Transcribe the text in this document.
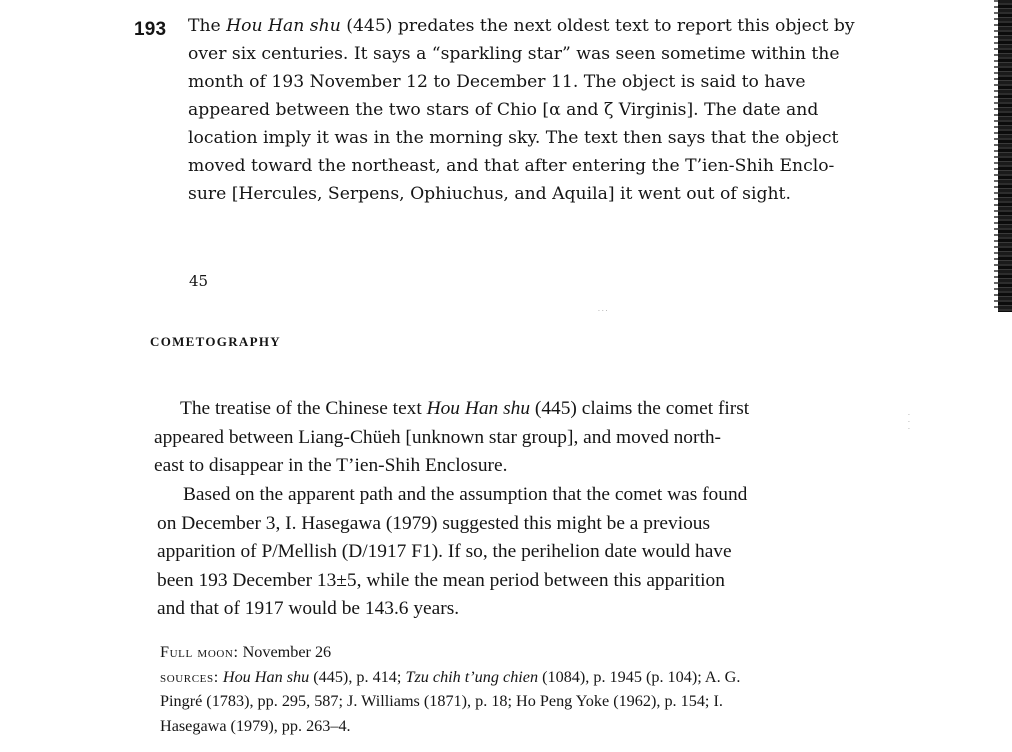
· · ·
·
·
·
193 The Hou Han shu (445) predates the next oldest text to report this object by
over six centuries. It says a “sparkling star” was seen sometime within the
month of 193 November 12 to December 11. The object is said to have
appeared between the two stars of Chio [α and ζ Virginis]. The date and
location imply it was in the morning sky. The text then says that the object
moved toward the northeast, and that after entering the T’ien-Shih Enclo-
sure [Hercules, Serpens, Ophiuchus, and Aquila] it went out of sight.
45
COMETOGRAPHY
The treatise of the Chinese text Hou Han shu (445) claims the comet first
appeared between Liang-Chüeh [unknown star group], and moved north-
east to disappear in the T’ien-Shih Enclosure.
Based on the apparent path and the assumption that the comet was found
on December 3, I. Hasegawa (1979) suggested this might be a previous
apparition of P/Mellish (D/1917 F1). If so, the perihelion date would have
been 193 December 13±5, while the mean period between this apparition
and that of 1917 would be 143.6 years.
Full moon: November 26
sources: Hou Han shu (445), p. 414; Tzu chih t’ung chien (1084), p. 1945 (p. 104); A. G.
Pingré (1783), pp. 295, 587; J. Williams (1871), p. 18; Ho Peng Yoke (1962), p. 154; I.
Hasegawa (1979), pp. 263–4.
